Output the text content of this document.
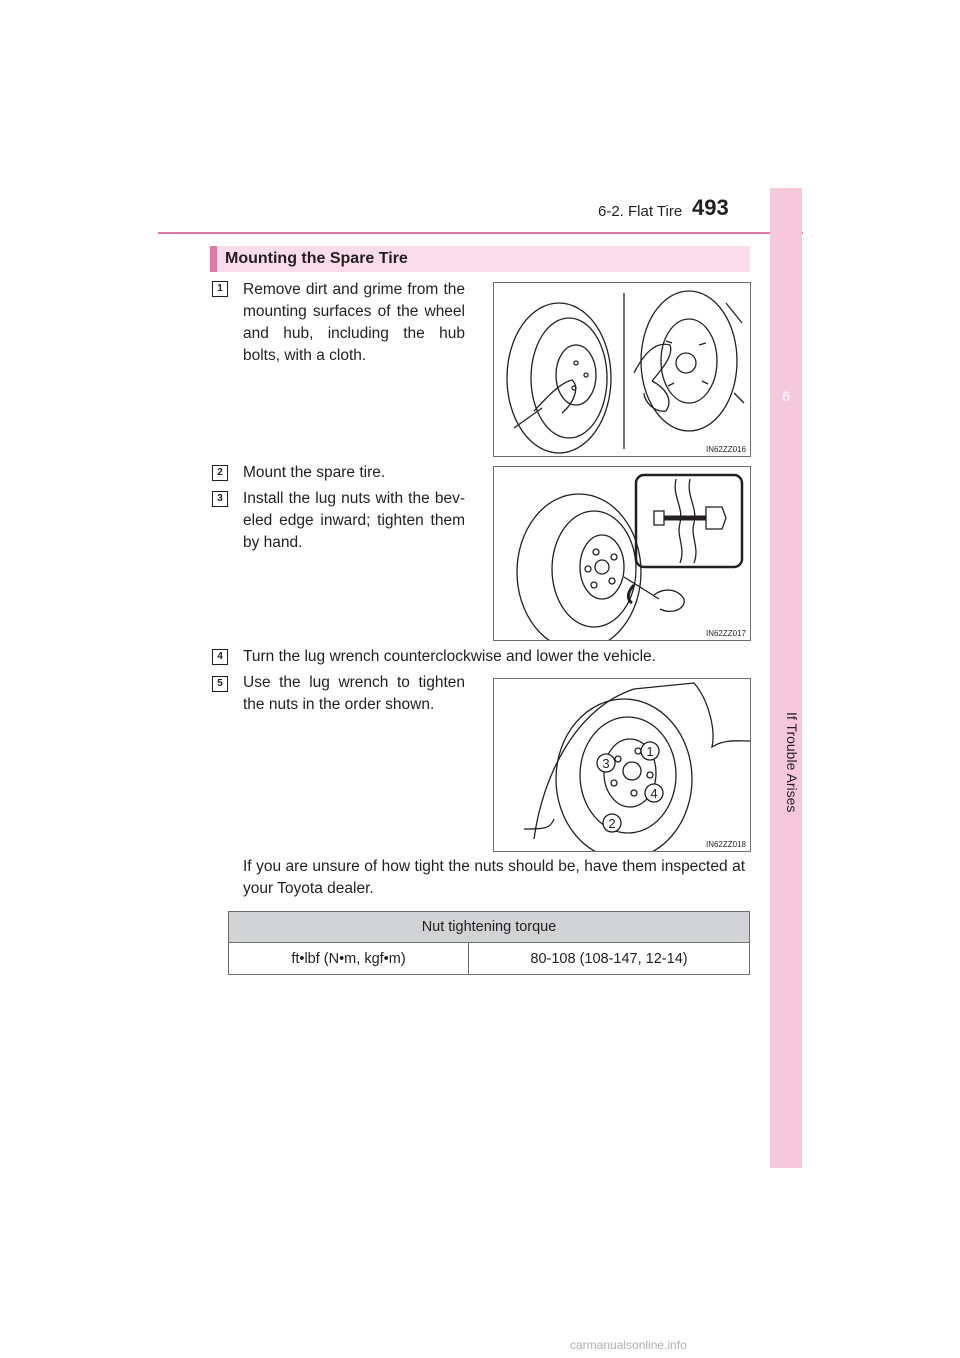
6-2. Flat Tire 493
6
If Trouble Arises
Mounting the Spare Tire
1	Remove dirt and grime from the mounting surfaces of the wheel and hub, including the hub bolts, with a cloth.
IN62ZZ016
2	Mount the spare tire.
3	Install the lug nuts with the bev-eled edge inward; tighten them by hand.
IN62ZZ017
4	Turn the lug wrench counterclockwise and lower the vehicle.
5	Use the lug wrench to tighten the nuts in the order shown.
1
2
3
4
IN62ZZ018
If you are unsure of how tight the nuts should be, have them inspected at your Toyota dealer.
Nut tightening torque
ft•lbf (N•m, kgf•m)	80-108 (108-147, 12-14)
carmanualsonline.info
